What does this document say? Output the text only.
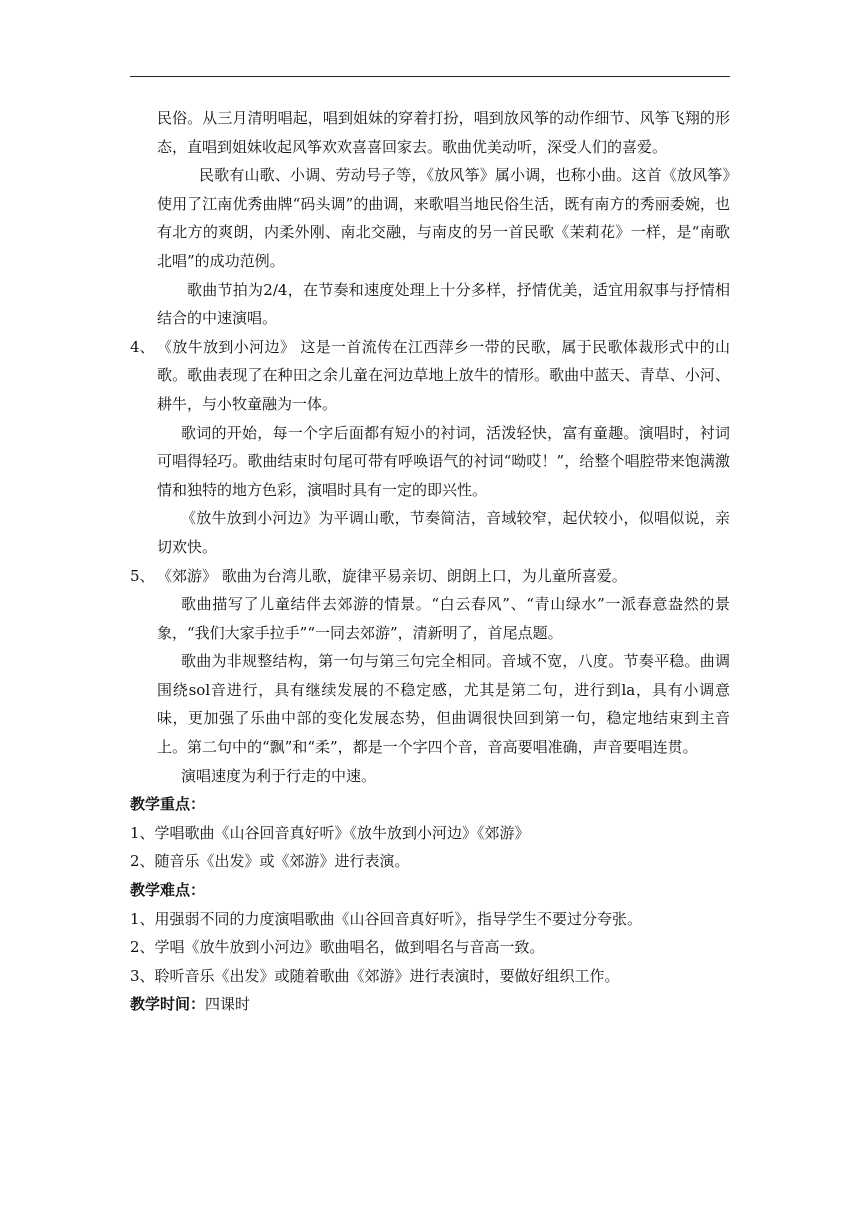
民俗。从三月清明唱起，唱到姐妹的穿着打扮，唱到放风筝的动作细节、风筝飞翔的形态，直唱到姐妹收起风筝欢欢喜喜回家去。歌曲优美动听，深受人们的喜爱。

民歌有山歌、小调、劳动号子等，《放风筝》属小调，也称小曲。这首《放风筝》使用了江南优秀曲牌“码头调”的曲调，来歌唱当地民俗生活，既有南方的秀丽委婉，也有北方的爽朗，内柔外刚、南北交融，与南皮的另一首民歌《茉莉花》一样，是“南歌北唱”的成功范例。

歌曲节拍为2/4，在节奏和速度处理上十分多样，抒情优美，适宜用叙事与抒情相结合的中速演唱。

4、 《放牛放到小河边》 这是一首流传在江西萍乡一带的民歌，属于民歌体裁形式中的山歌。歌曲表现了在种田之余儿童在河边草地上放牛的情形。歌曲中蓝天、青草、小河、耕牛，与小牧童融为一体。

歌词的开始，每一个字后面都有短小的衬词，活泼轻快，富有童趣。演唱时，衬词可唱得轻巧。歌曲结束时句尾可带有呼唤语气的衬词“呦哎！”，给整个唱腔带来饱满激情和独特的地方色彩，演唱时具有一定的即兴性。

《放牛放到小河边》为平调山歌，节奏简洁，音域较窄，起伏较小，似唱似说，亲切欢快。

5、 《郊游》 歌曲为台湾儿歌，旋律平易亲切、朗朗上口，为儿童所喜爱。

歌曲描写了儿童结伴去郊游的情景。“白云春风”、“青山绿水”一派春意盎然的景象，“我们大家手拉手”“一同去郊游”，清新明了，首尾点题。

歌曲为非规整结构，第一句与第三句完全相同。音域不宽，八度。节奏平稳。曲调围绕sol音进行，具有继续发展的不稳定感，尤其是第二句，进行到la，具有小调意味，更加强了乐曲中部的变化发展态势，但曲调很快回到第一句，稳定地结束到主音上。第二句中的“飘”和“柔”，都是一个字四个音，音高要唱准确，声音要唱连贯。

演唱速度为利于行走的中速。

教学重点：

1、学唱歌曲《山谷回音真好听》《放牛放到小河边》《郊游》

2、随音乐《出发》或《郊游》进行表演。

教学难点：

1、用强弱不同的力度演唱歌曲《山谷回音真好听》，指导学生不要过分夸张。

2、学唱《放牛放到小河边》歌曲唱名，做到唱名与音高一致。

3、聆听音乐《出发》或随着歌曲《郊游》进行表演时，要做好组织工作。

教学时间：四课时
